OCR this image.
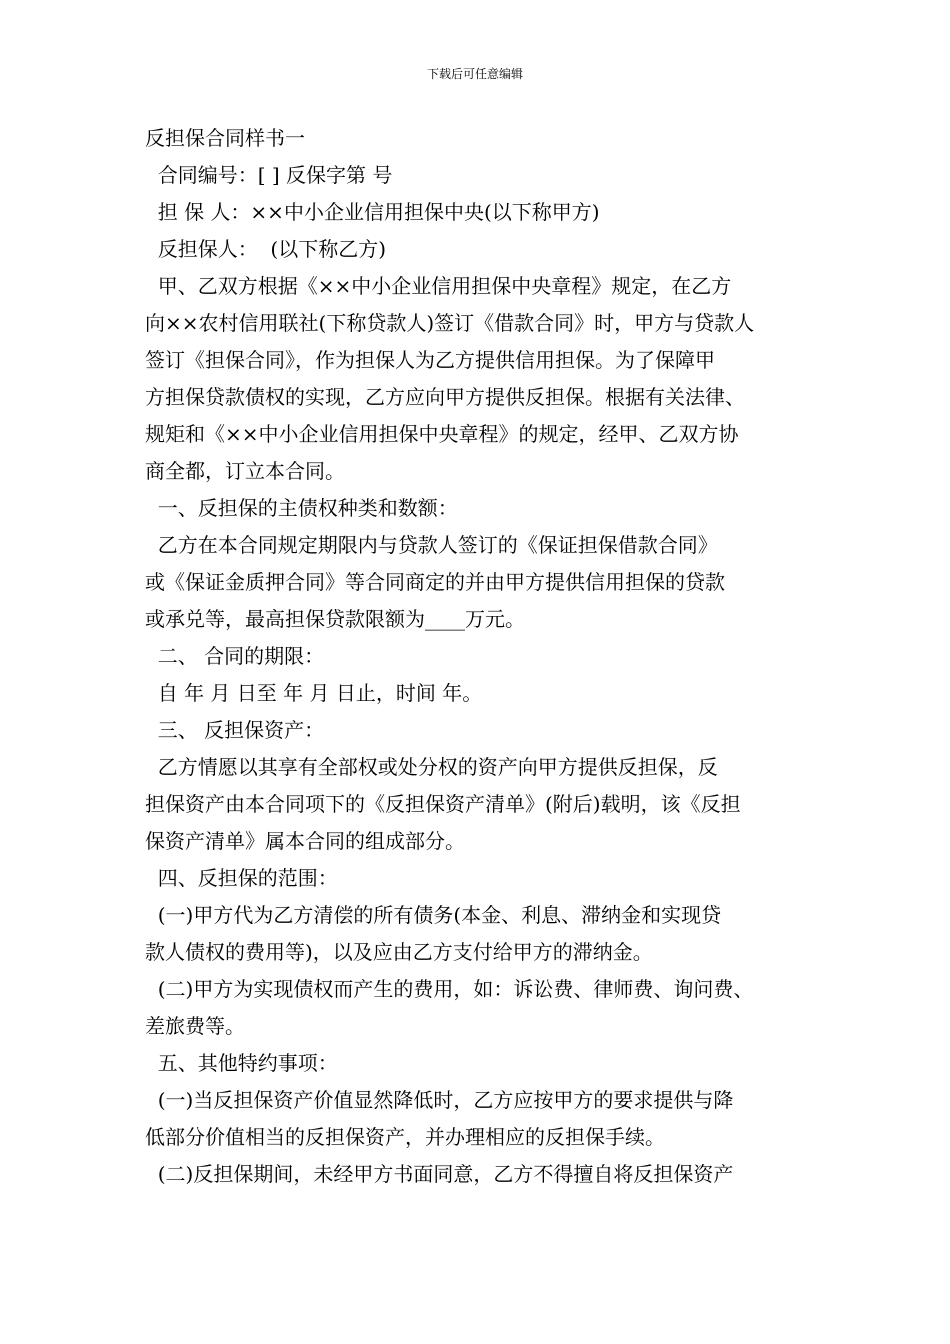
下载后可任意编辑
反担保合同样书一
合同编号：[ ] 反保字第 号
担 保 人：××中小企业信用担保中央(以下称甲方)
反担保人：  (以下称乙方)
甲、乙双方根据《××中小企业信用担保中央章程》规定，在乙方
向××农村信用联社(下称贷款人)签订《借款合同》时，甲方与贷款人
签订《担保合同》，作为担保人为乙方提供信用担保。为了保障甲
方担保贷款债权的实现，乙方应向甲方提供反担保。根据有关法律、
规矩和《××中小企业信用担保中央章程》的规定，经甲、乙双方协
商全都，订立本合同。
一、反担保的主债权种类和数额：
乙方在本合同规定期限内与贷款人签订的《保证担保借款合同》
或《保证金质押合同》等合同商定的并由甲方提供信用担保的贷款
或承兑等，最高担保贷款限额为____万元。
二、 合同的期限：
自 年 月 日至 年 月 日止，时间 年。
三、 反担保资产：
乙方情愿以其享有全部权或处分权的资产向甲方提供反担保，反
担保资产由本合同项下的《反担保资产清单》(附后)载明，该《反担
保资产清单》属本合同的组成部分。
四、反担保的范围：
(一)甲方代为乙方清偿的所有债务(本金、利息、滞纳金和实现贷
款人债权的费用等)，以及应由乙方支付给甲方的滞纳金。
(二)甲方为实现债权而产生的费用，如：诉讼费、律师费、询问费、
差旅费等。
五、其他特约事项：
(一)当反担保资产价值显然降低时，乙方应按甲方的要求提供与降
低部分价值相当的反担保资产，并办理相应的反担保手续。
(二)反担保期间，未经甲方书面同意，乙方不得擅自将反担保资产
